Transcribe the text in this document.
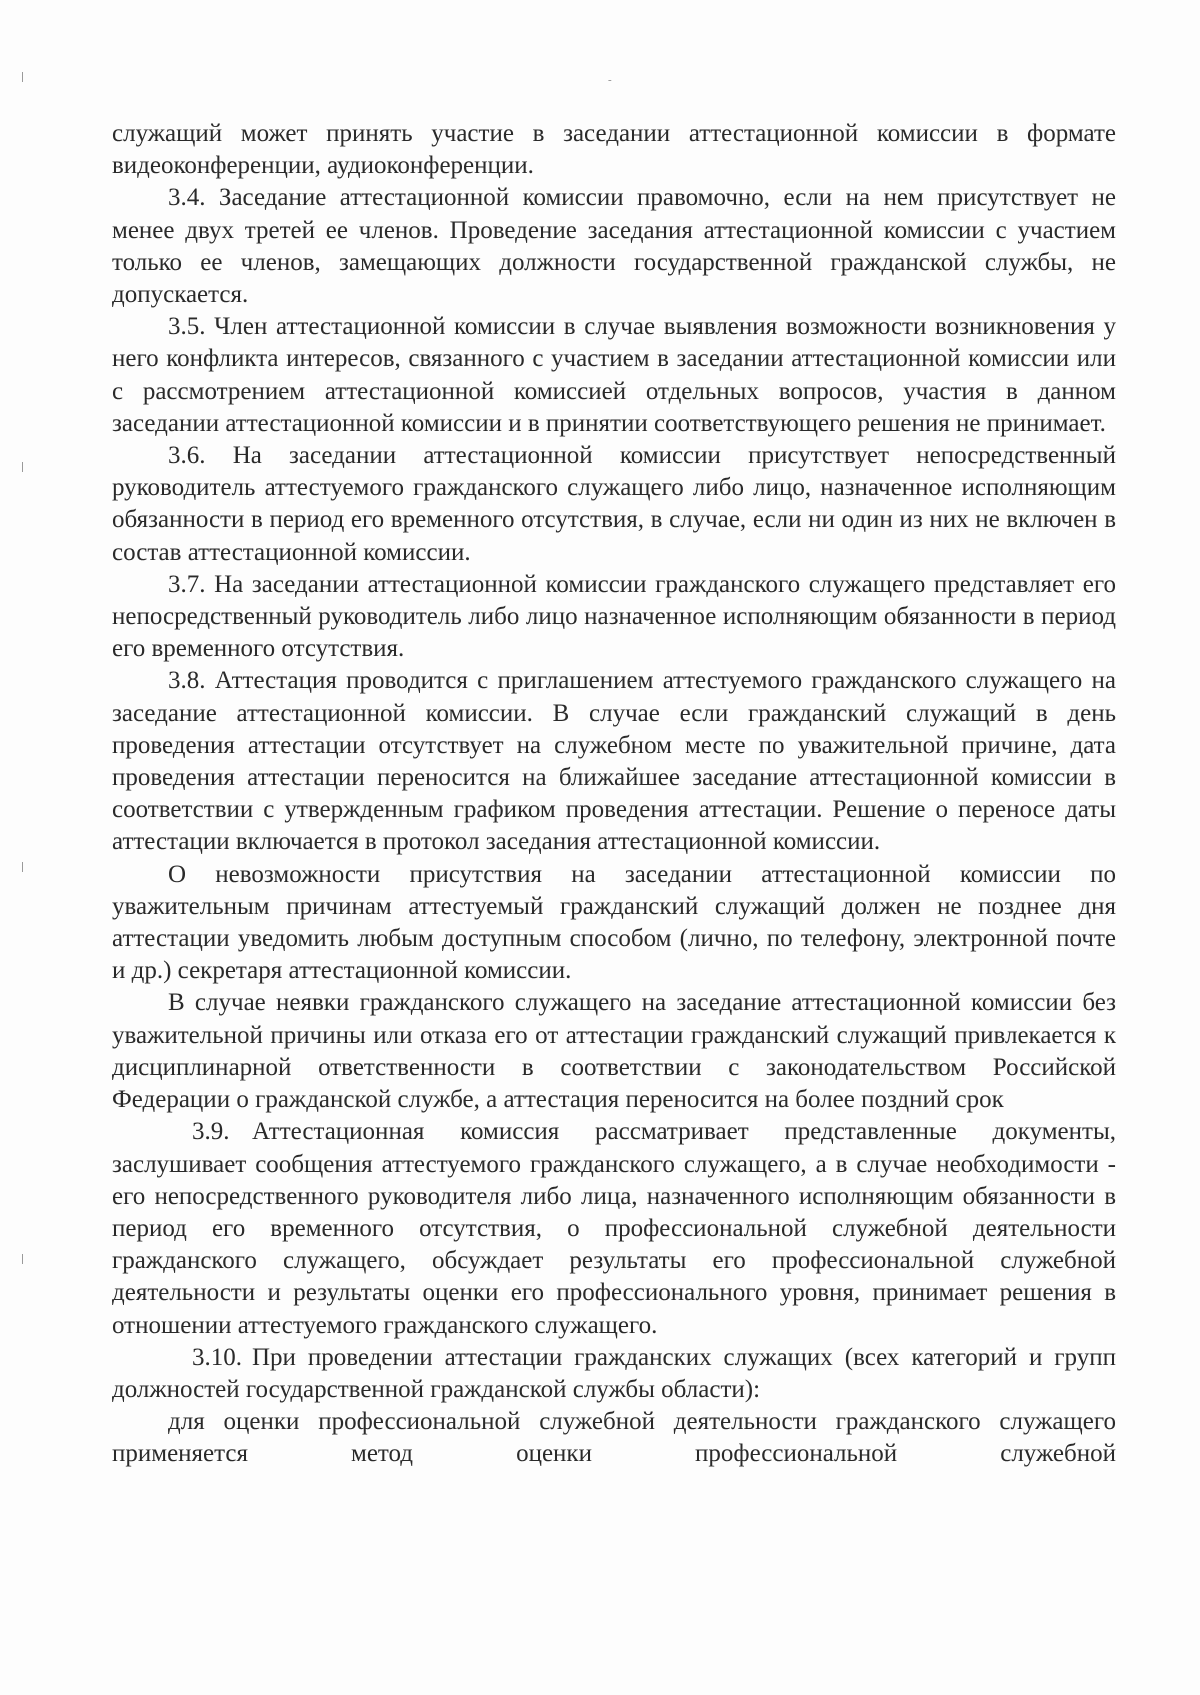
-

служащий может принять участие в заседании аттестационной комиссии в формате видеоконференции, аудиоконференции.

3.4. Заседание аттестационной комиссии правомочно, если на нем присутствует не менее двух третей ее членов. Проведение заседания аттестационной комиссии с участием только ее членов, замещающих должности государственной гражданской службы, не допускается.

3.5. Член аттестационной комиссии в случае выявления возможности возникновения у него конфликта интересов, связанного с участием в заседании аттестационной комиссии или с рассмотрением аттестационной комиссией отдельных вопросов, участия в данном заседании аттестационной комиссии и в принятии соответствующего решения не принимает.

3.6. На заседании аттестационной комиссии присутствует непосредственный руководитель аттестуемого гражданского служащего либо лицо, назначенное исполняющим обязанности в период его временного отсутствия, в случае, если ни один из них не включен в состав аттестационной комиссии.

3.7. На заседании аттестационной комиссии гражданского служащего представляет его непосредственный руководитель либо лицо назначенное исполняющим обязанности в период его временного отсутствия.

3.8. Аттестация проводится с приглашением аттестуемого гражданского служащего на заседание аттестационной комиссии. В случае если гражданский служащий в день проведения аттестации отсутствует на служебном месте по уважительной причине, дата проведения аттестации переносится на ближайшее заседание аттестационной комиссии в соответствии с утвержденным графиком проведения аттестации. Решение о переносе даты аттестации включается в протокол заседания аттестационной комиссии.

О невозможности присутствия на заседании аттестационной комиссии по уважительным причинам аттестуемый гражданский служащий должен не позднее дня аттестации уведомить любым доступным способом (лично, по телефону, электронной почте и др.) секретаря аттестационной комиссии.

В случае неявки гражданского служащего на заседание аттестационной комиссии без уважительной причины или отказа его от аттестации гражданский служащий привлекается к дисциплинарной ответственности в соответствии с законодательством Российской Федерации о гражданской службе, а аттестация переносится на более поздний срок

3.9. Аттестационная комиссия рассматривает представленные документы, заслушивает сообщения аттестуемого гражданского служащего, а в случае необходимости - его непосредственного руководителя либо лица, назначенного исполняющим обязанности в период его временного отсутствия, о профессиональной служебной деятельности гражданского служащего, обсуждает результаты его профессиональной служебной деятельности и результаты оценки его профессионального уровня, принимает решения в отношении аттестуемого гражданского служащего.

3.10. При проведении аттестации гражданских служащих (всех категорий и групп должностей государственной гражданской службы области):

для оценки профессиональной служебной деятельности гражданского служащего применяется метод оценки профессиональной служебной
